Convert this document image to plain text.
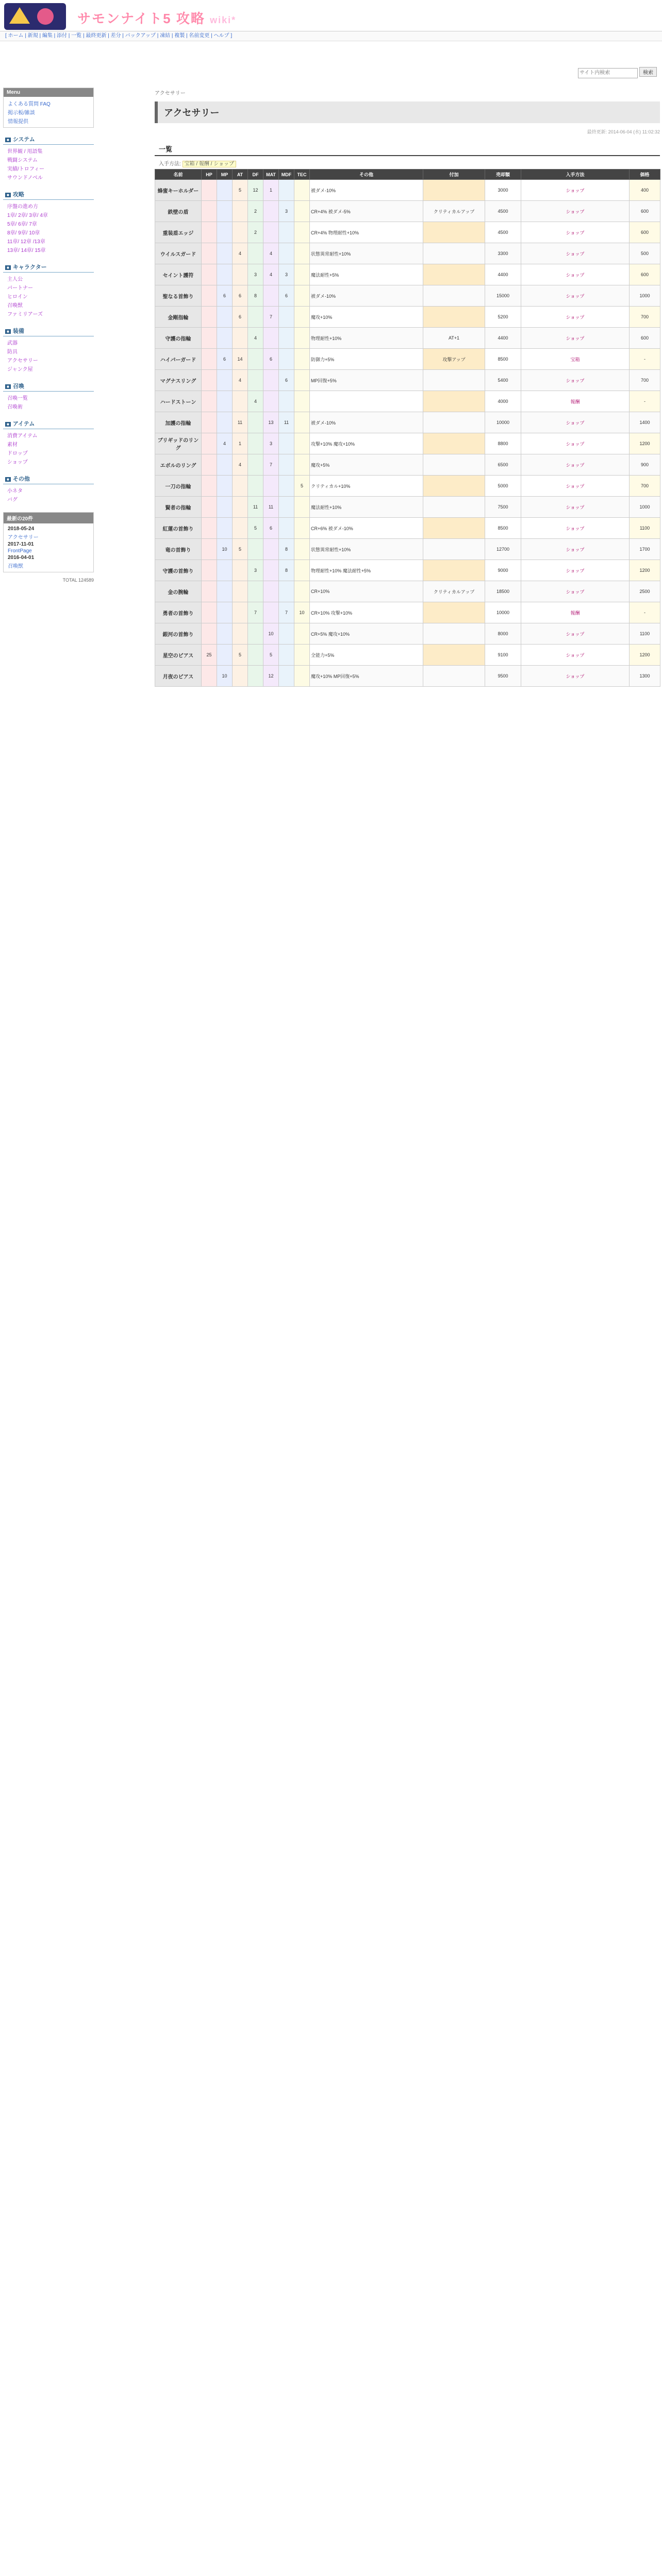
サモンナイト5 攻略 wiki*
[ ホーム | 新規 | 編集 | 添付 | 一覧 | 最終更新 | 差分 | バックアップ | 凍結 | 複製 | 名前変更 | ヘルプ ]
サイト内検索 検索
Menu
よくある質問 FAQ
掲示板/雑談
情報提供
■ システム
世界観 / 用語集
戦闘システム
実績/トロフィー
サウンドノベル
■ 攻略
序盤の進め方
1章/ 2章/ 3章/ 4章
5章/ 6章/ 7章
8章/ 9章/ 10章
11章/ 12章 /13章
13章/ 14章/ 15章
■ キャラクター
主人公
パートナー
ヒロイン
召喚獣
ファミリアーズ
■ 装備
武器
防具
アクセサリー
ジャンク屋
■ 召喚
召喚一覧
召喚術
■ アイテム
消費アイテム
素材
ドロップ
ショップ
■ その他
小ネタ
バグ
最新の20件
2018-05-24
アクセサリー
2017-11-01
FrontPage
2016-04-01
召喚獣
TOTAL 124589
アクセサリー
アクセサリー
最終更新: 2014-06-04 (水) 11:02:32
一覧
入手方法: 宝箱 / 報酬 / ショップ
名前	HP	MP	AT	DF	MAT	MDF	TEC	その他	付加	売却額	入手方法	価格
蜂蜜キーホルダー			5	12	1			被ダメ-10%		3000	ショップ	400
鉄壁の盾				2		3		CR+4% 被ダメ-5%	クリティカルアップ	4500	ショップ	600
重装盾エッジ				2				CR+4% 物理耐性+10%		4500	ショップ	600
ウイルスガード			4		4			状態異常耐性+10%		3300	ショップ	500
セイント護符				3	4	3		魔法耐性+5%		4400	ショップ	600
聖なる首飾り		6	6	8		6		被ダメ-10%		15000	ショップ	1000
金剛指輪			6		7			魔攻+10%		5200	ショップ	700
守護の指輪				4				物理耐性+10%	AT+1	4400	ショップ	600
ハイパーガード		6	14		6			防御力+5%	攻撃アップ	8500	宝箱	-
マグナスリング			4			6		MP回復+5%		5400	ショップ	700
ハードストーン				4						4000	報酬	-
加護の指輪			11		13	11		被ダメ-10%		10000	ショップ	1400
ブリギッドのリング		4	1		3			攻撃+10% 魔攻+10%		8800	ショップ	1200
エボルのリング			4		7			魔攻+5%		6500	ショップ	900
一刀の指輪							5	クリティカル+10%		5000	ショップ	700
賢者の指輪				11	11			魔法耐性+10%		7500	ショップ	1000
紅蓮の首飾り				5	6			CR+6% 被ダメ-10%		8500	ショップ	1100
竜の首飾り		10	5			8		状態異常耐性+10%		12700	ショップ	1700
守護の首飾り				3		8		物理耐性+10% 魔法耐性+5%		9000	ショップ	1200
金の腕輪								CR+10%	クリティカルアップ	18500	ショップ	2500
勇者の首飾り				7		7	10	CR+10% 攻撃+10%		10000	報酬	-
銀河の首飾り					10			CR+5% 魔攻+10%		8000	ショップ	1100
星空のピアス	25		5		5			全能力+5%		9100	ショップ	1200
月夜のピアス		10			12			魔攻+10% MP回復+5%		9500	ショップ	1300
